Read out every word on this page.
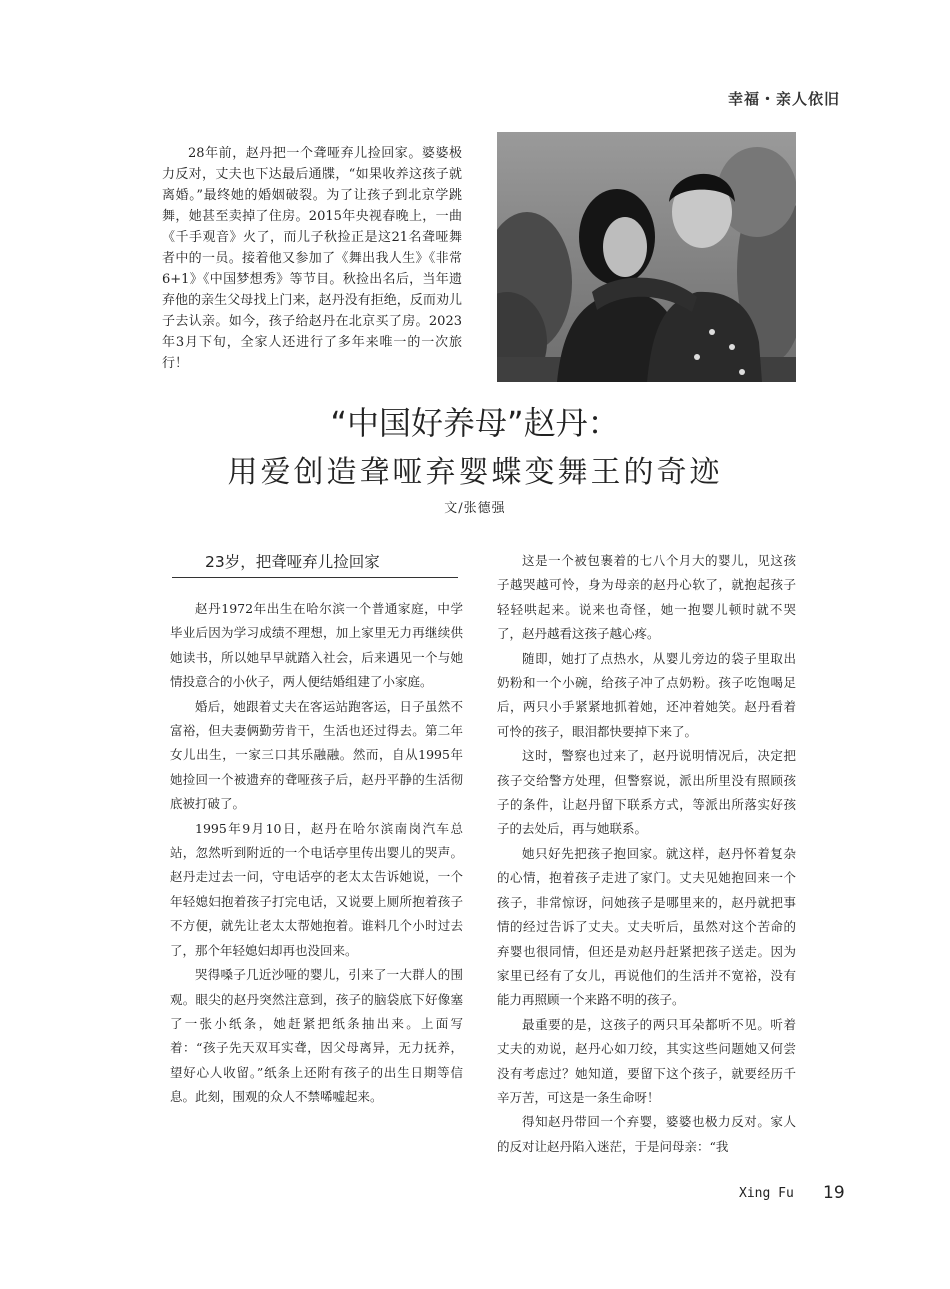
幸福・亲人依旧

28年前，赵丹把一个聋哑弃儿捡回家。婆婆极力反对，丈夫也下达最后通牒，“如果收养这孩子就离婚。”最终她的婚姻破裂。为了让孩子到北京学跳舞，她甚至卖掉了住房。2015年央视春晚上，一曲《千手观音》火了，而儿子秋捡正是这21名聋哑舞者中的一员。接着他又参加了《舞出我人生》《非常6+1》《中国梦想秀》等节目。秋捡出名后，当年遗弃他的亲生父母找上门来，赵丹没有拒绝，反而劝儿子去认亲。如今，孩子给赵丹在北京买了房。2023年3月下旬，全家人还进行了多年来唯一的一次旅行！

“中国好养母”赵丹：
用爱创造聋哑弃婴蝶变舞王的奇迹
文/张德强
23岁，把聋哑弃儿捡回家

赵丹1972年出生在哈尔滨一个普通家庭，中学毕业后因为学习成绩不理想，加上家里无力再继续供她读书，所以她早早就踏入社会，后来遇见一个与她情投意合的小伙子，两人便结婚组建了小家庭。

婚后，她跟着丈夫在客运站跑客运，日子虽然不富裕，但夫妻俩勤劳肯干，生活也还过得去。第二年女儿出生，一家三口其乐融融。然而，自从1995年她捡回一个被遗弃的聋哑孩子后，赵丹平静的生活彻底被打破了。

1995年9月10日，赵丹在哈尔滨南岗汽车总站，忽然听到附近的一个电话亭里传出婴儿的哭声。赵丹走过去一问，守电话亭的老太太告诉她说，一个年轻媳妇抱着孩子打完电话，又说要上厕所抱着孩子不方便，就先让老太太帮她抱着。谁料几个小时过去了，那个年轻媳妇却再也没回来。

哭得嗓子几近沙哑的婴儿，引来了一大群人的围观。眼尖的赵丹突然注意到，孩子的脑袋底下好像塞了一张小纸条，她赶紧把纸条抽出来。上面写着：“孩子先天双耳实聋，因父母离异，无力抚养，望好心人收留。”纸条上还附有孩子的出生日期等信息。此刻，围观的众人不禁唏嘘起来。

这是一个被包裹着的七八个月大的婴儿，见这孩子越哭越可怜，身为母亲的赵丹心软了，就抱起孩子轻轻哄起来。说来也奇怪，她一抱婴儿顿时就不哭了，赵丹越看这孩子越心疼。

随即，她打了点热水，从婴儿旁边的袋子里取出奶粉和一个小碗，给孩子冲了点奶粉。孩子吃饱喝足后，两只小手紧紧地抓着她，还冲着她笑。赵丹看着可怜的孩子，眼泪都快要掉下来了。

这时，警察也过来了，赵丹说明情况后，决定把孩子交给警方处理，但警察说，派出所里没有照顾孩子的条件，让赵丹留下联系方式，等派出所落实好孩子的去处后，再与她联系。

她只好先把孩子抱回家。就这样，赵丹怀着复杂的心情，抱着孩子走进了家门。丈夫见她抱回来一个孩子，非常惊讶，问她孩子是哪里来的，赵丹就把事情的经过告诉了丈夫。丈夫听后，虽然对这个苦命的弃婴也很同情，但还是劝赵丹赶紧把孩子送走。因为家里已经有了女儿，再说他们的生活并不宽裕，没有能力再照顾一个来路不明的孩子。

最重要的是，这孩子的两只耳朵都听不见。听着丈夫的劝说，赵丹心如刀绞，其实这些问题她又何尝没有考虑过？她知道，要留下这个孩子，就要经历千辛万苦，可这是一条生命呀！

得知赵丹带回一个弃婴，婆婆也极力反对。家人的反对让赵丹陷入迷茫，于是问母亲：“我

Xing Fu 19
